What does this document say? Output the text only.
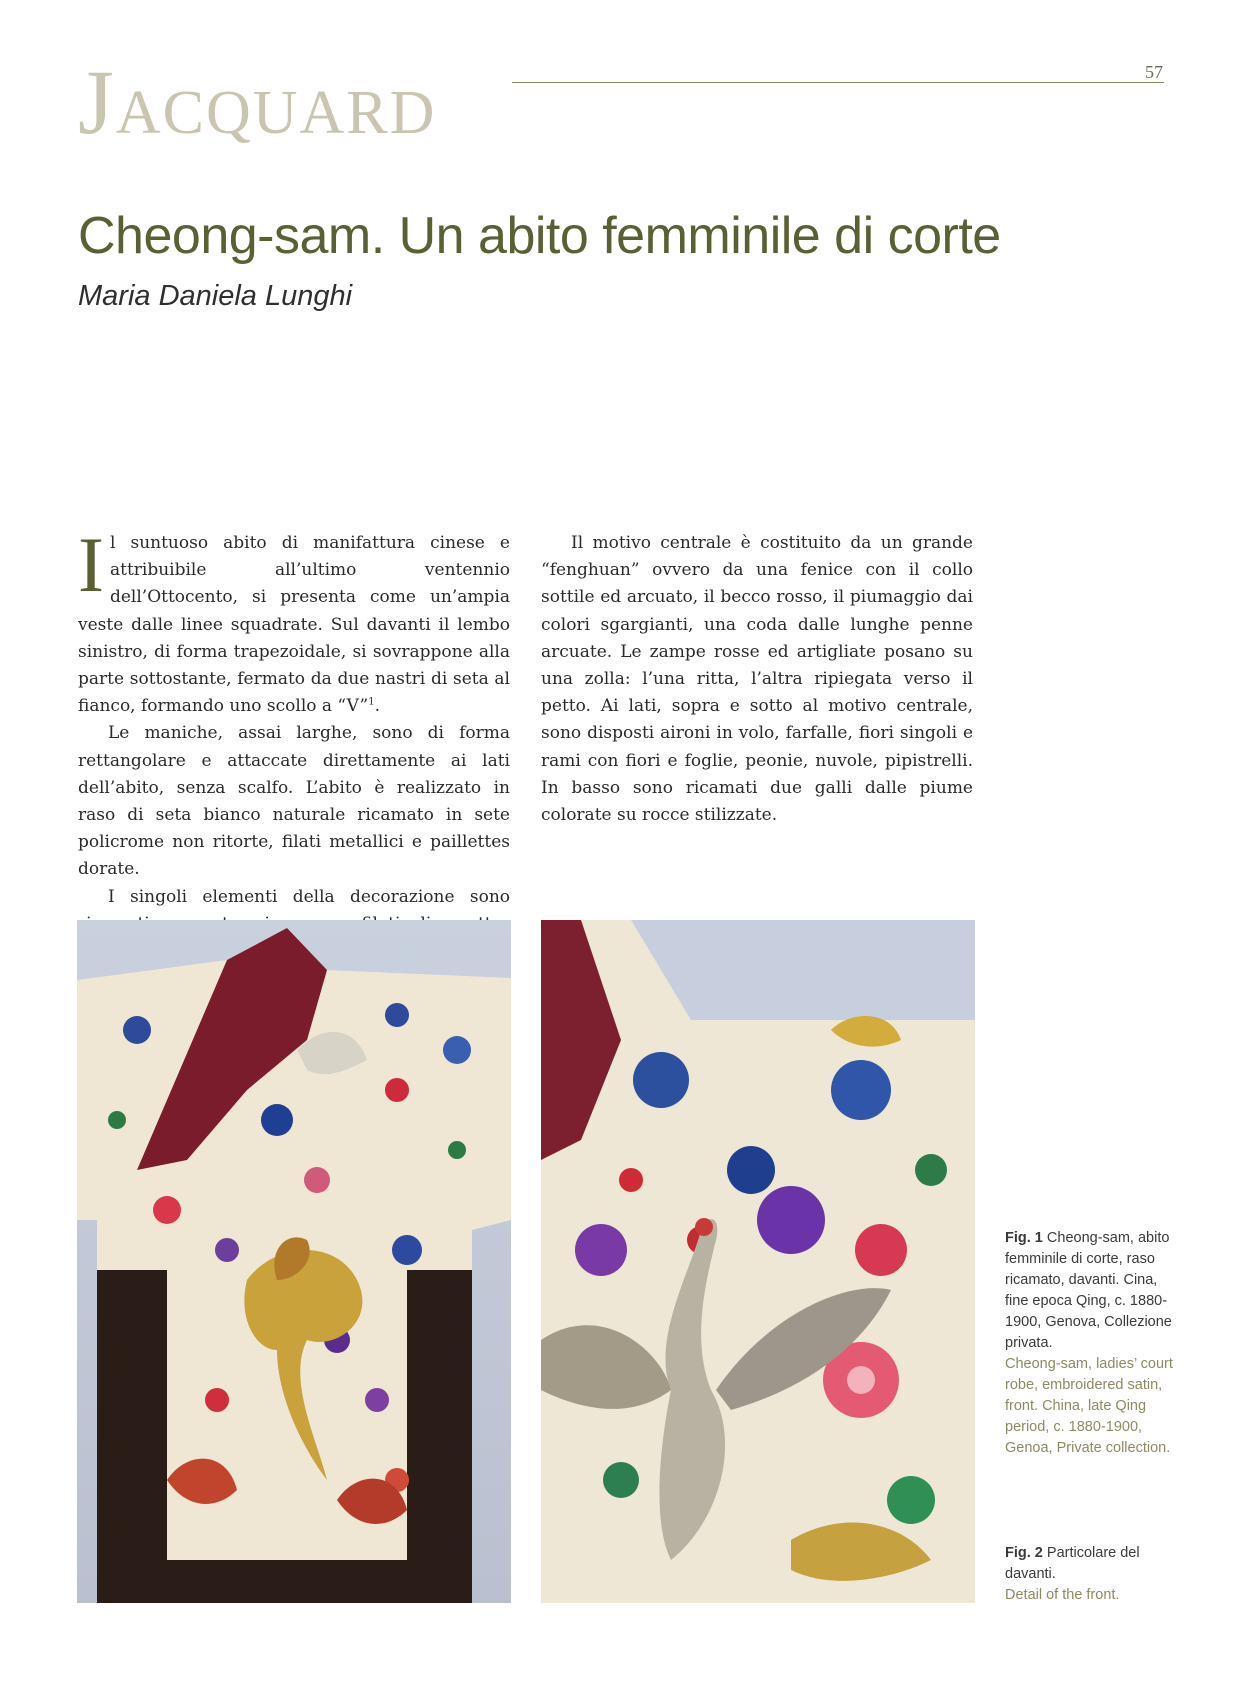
JACQUARD
57
Cheong-sam. Un abito femminile di corte
Maria Daniela Lunghi

Il suntuoso abito di manifattura cinese e attribuibile all’ultimo ventennio dell’Ottocento, si presenta come un’ampia veste dalle linee squadrate. Sul davanti il lembo sinistro, di forma trapezoidale, si sovrappone alla parte sottostante, fermato da due nastri di seta al fianco, formando uno scollo a “V”$^1$.

Le maniche, assai larghe, sono di forma rettangolare e attaccate direttamente ai lati dell’abito, senza scalfo. L’abito è realizzato in raso di seta bianco naturale ricamato in sete policrome non ritorte, filati metallici e paillettes dorate.

I singoli elementi della decorazione sono

Il motivo centrale è costituito da un grande “fenghuan” ovvero da una fenice con il collo sottile ed arcuato, il becco rosso, il piumaggio dai colori sgargianti, una coda dalle lunghe penne arcuate. Le zampe rosse ed artigliate posano su una zolla: l’una ritta, l’altra ripiegata verso il petto. Ai lati, sopra e sotto al motivo centrale, sono disposti aironi in volo, farfalle, fiori singoli e rami con fiori e foglie, peonie, nuvole, pipistrelli. In basso sono ricamati due galli dalle piume colorate su rocce stilizzate.

Fig. 1 Cheong-sam, abito femminile di corte, raso ricamato, davanti. Cina, fine epoca Qing, c. 1880-1900, Genova, Collezione privata.
Cheong-sam, ladies’ court robe, embroidered satin, front. China, late Qing period, c. 1880-1900, Genoa, Private collection.
Fig. 2 Particolare del davanti.
Detail of the front.
